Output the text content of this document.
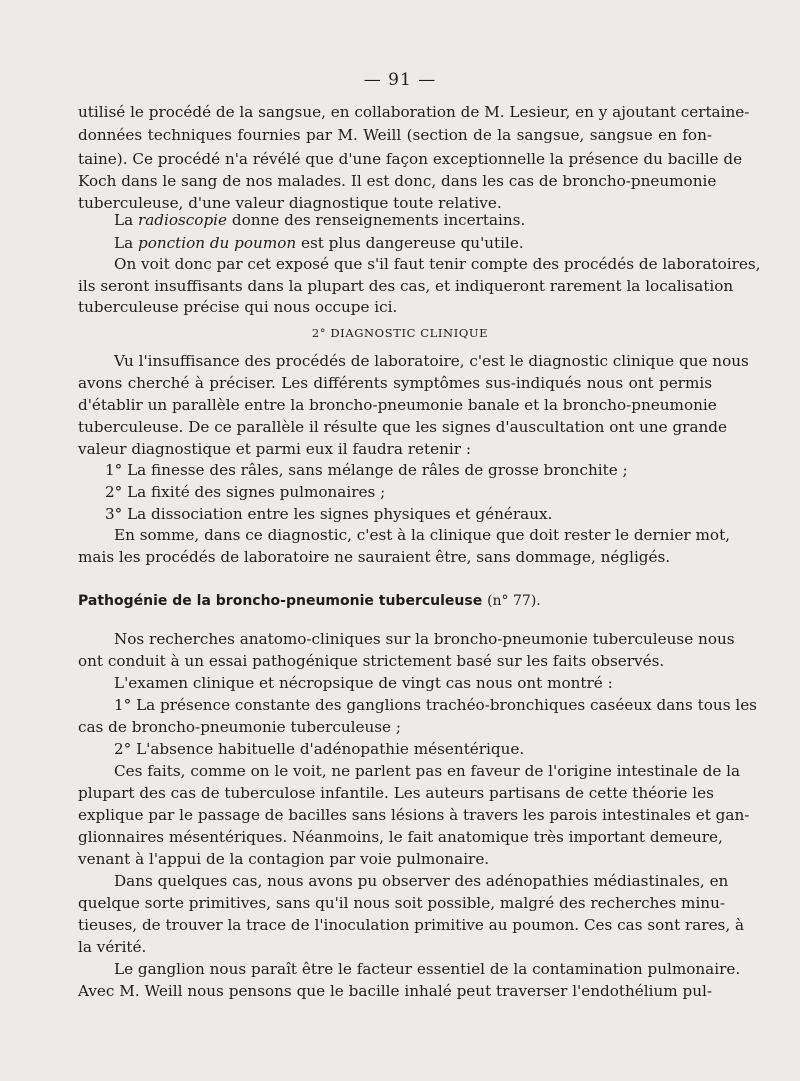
— 91 —
utilisé le procédé de la sangsue, en collaboration de M. Lesieur, en y ajoutant certaine-
données techniques fournies par M. Weill (section de la sangsue, sangsue en fon-
taine). Ce procédé n'a révélé que d'une façon exceptionnelle la présence du bacille de
Koch dans le sang de nos malades. Il est donc, dans les cas de broncho-pneumonie
tuberculeuse, d'une valeur diagnostique toute relative.
La radioscopie donne des renseignements incertains.
La ponction du poumon est plus dangereuse qu'utile.
On voit donc par cet exposé que s'il faut tenir compte des procédés de laboratoires,
ils seront insuffisants dans la plupart des cas, et indiqueront rarement la localisation
tuberculeuse précise qui nous occupe ici.
2° DIAGNOSTIC CLINIQUE
Vu l'insuffisance des procédés de laboratoire, c'est le diagnostic clinique que nous
avons cherché à préciser. Les différents symptômes sus-indiqués nous ont permis
d'établir un parallèle entre la broncho-pneumonie banale et la broncho-pneumonie
tuberculeuse. De ce parallèle il résulte que les signes d'auscultation ont une grande
valeur diagnostique et parmi eux il faudra retenir :
1° La finesse des râles, sans mélange de râles de grosse bronchite ;
2° La fixité des signes pulmonaires ;
3° La dissociation entre les signes physiques et généraux.
En somme, dans ce diagnostic, c'est à la clinique que doit rester le dernier mot,
mais les procédés de laboratoire ne sauraient être, sans dommage, négligés.
Pathogénie de la broncho-pneumonie tuberculeuse (n° 77).
Nos recherches anatomo-cliniques sur la broncho-pneumonie tuberculeuse nous
ont conduit à un essai pathogénique strictement basé sur les faits observés.
L'examen clinique et nécropsique de vingt cas nous ont montré :
1° La présence constante des ganglions trachéo-bronchiques caséeux dans tous les
cas de broncho-pneumonie tuberculeuse ;
2° L'absence habituelle d'adénopathie mésentérique.
Ces faits, comme on le voit, ne parlent pas en faveur de l'origine intestinale de la
plupart des cas de tuberculose infantile. Les auteurs partisans de cette théorie les
explique par le passage de bacilles sans lésions à travers les parois intestinales et gan-
glionnaires mésentériques. Néanmoins, le fait anatomique très important demeure,
venant à l'appui de la contagion par voie pulmonaire.
Dans quelques cas, nous avons pu observer des adénopathies médiastinales, en
quelque sorte primitives, sans qu'il nous soit possible, malgré des recherches minu-
tieuses, de trouver la trace de l'inoculation primitive au poumon. Ces cas sont rares, à
la vérité.
Le ganglion nous paraît être le facteur essentiel de la contamination pulmonaire.
Avec M. Weill nous pensons que le bacille inhalé peut traverser l'endothélium pul-
